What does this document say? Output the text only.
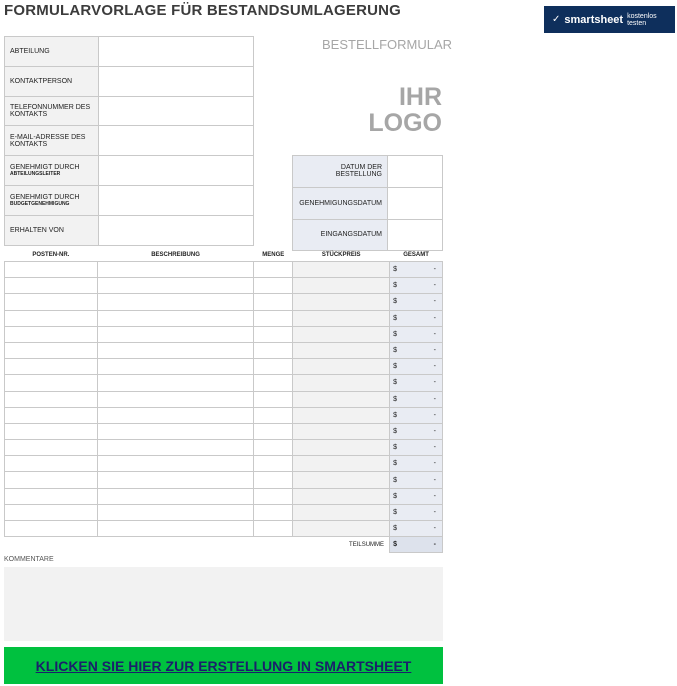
FORMULARVORLAGE FÜR BESTANDSUMLAGERUNG
✓ smartsheet kostenlos testen
ABTEILUNG	
KONTAKTPERSON	
TELEFONNUMMER DES KONTAKTS	
E-MAIL-ADRESSE DES KONTAKTS	
GENEHMIGT DURCH
ABTEILUNGSLEITER	

GENEHMIGT DURCH
BUDGETGENEHMIGUNG	

ERHALTEN VON	
BESTELLFORMULAR
IHR
LOGO
DATUM DER BESTELLUNG	
GENEHMIGUNGSDATUM	
EINGANGSDATUM	
POSTEN-NR.	BESCHREIBUNG	MENGE	STÜCKPREIS	GESAMT

				$ -

				$ -

				$ -

				$ -

				$ -

				$ -

				$ -

				$ -

				$ -

				$ -

				$ -

				$ -

				$ -

				$ -

				$ -

				$ -

				$ -

TEILSUMME				$ -
KOMMENTARE
KLICKEN SIE HIER ZUR ERSTELLUNG IN SMARTSHEET
